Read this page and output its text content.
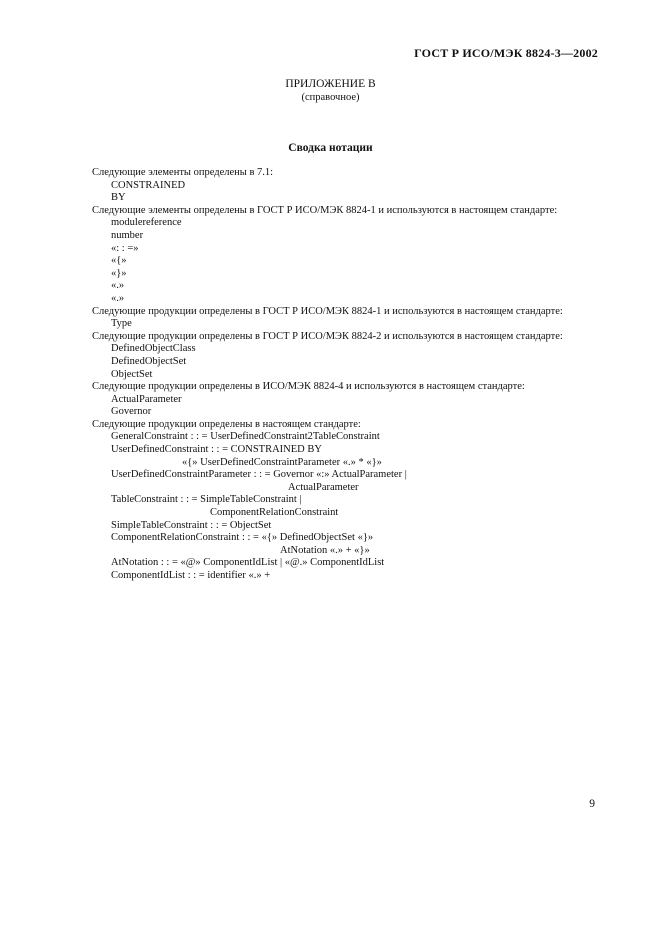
ГОСТ Р ИСО/МЭК 8824-3—2002
ПРИЛОЖЕНИЕ В
(справочное)
Сводка нотации
Следующие элементы определены в 7.1:
CONSTRAINED
BY
Следующие элементы определены в ГОСТ Р ИСО/МЭК 8824-1 и используются в настоящем стандарте:
modulereference
number
«: : =»
«{»
«}»
«.»
«.»
Следующие продукции определены в ГОСТ Р ИСО/МЭК 8824-1 и используются в настоящем стандарте:
Type
Следующие продукции определены в ГОСТ Р ИСО/МЭК 8824-2 и используются в настоящем стандарте:
DefinedObjectClass
DefinedObjectSet
ObjectSet
Следующие продукции определены в ИСО/МЭК 8824-4 и используются в настоящем стандарте:
ActualParameter
Governor
Следующие продукции определены в настоящем стандарте:
GeneralConstraint : : = UserDefinedConstraint2TableConstraint
UserDefinedConstraint : : = CONSTRAINED BY
«{» UserDefinedConstraintParameter «.» * «}»
UserDefinedConstraintParameter : : = Governor «:» ActualParameter |
ActualParameter
TableConstraint : : = SimpleTableConstraint |
ComponentRelationConstraint
SimpleTableConstraint : : = ObjectSet
ComponentRelationConstraint : : = «{» DefinedObjectSet «}»
AtNotation «.» + «}»
AtNotation : : = «@» ComponentIdList | «@.» ComponentIdList
ComponentIdList : : = identifier «.» +
9
